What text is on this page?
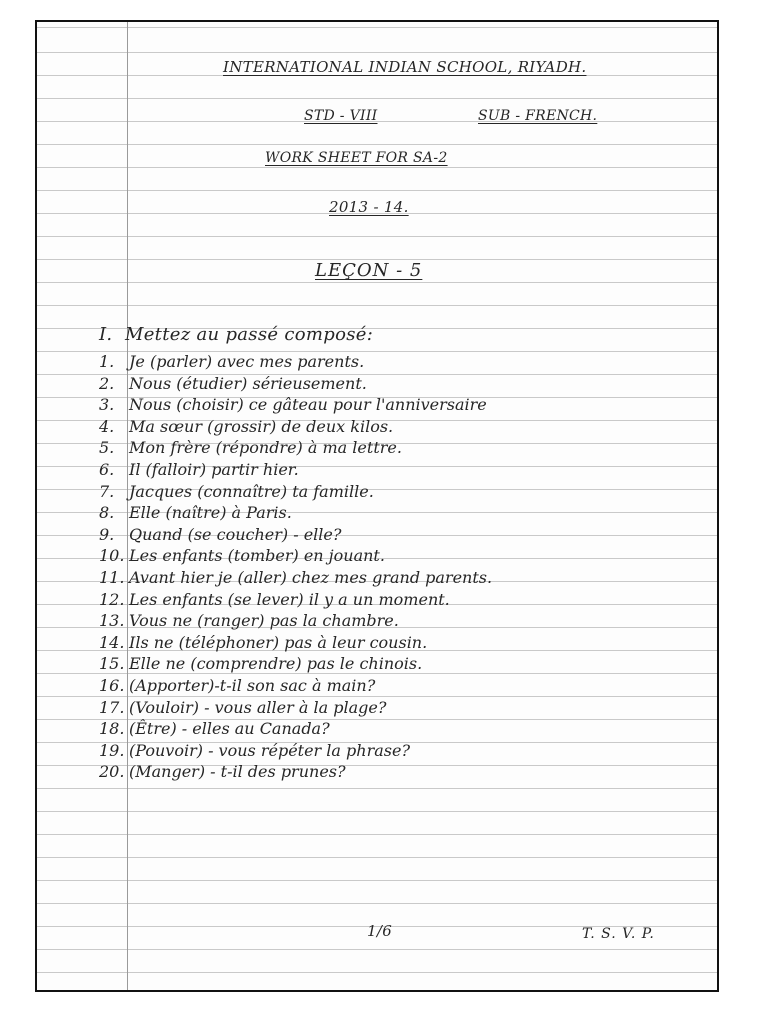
INTERNATIONAL INDIAN SCHOOL, RIYADH.
STD - VIII	SUB - FRENCH.
WORK SHEET FOR SA-2
2013 - 14.
LEÇON - 5
I. Mettez au passé composé:
1. Je (parler) avec mes parents.
2. Nous (étudier) sérieusement.
3. Nous (choisir) ce gâteau pour l'anniversaire
4. Ma sœur (grossir) de deux kilos.
5. Mon frère (répondre) à ma lettre.
6. Il (falloir) partir hier.
7. Jacques (connaître) ta famille.
8. Elle (naître) à Paris.
9. Quand (se coucher) - elle?
10. Les enfants (tomber) en jouant.
11. Avant hier je (aller) chez mes grand parents.
12. Les enfants (se lever) il y a un moment.
13. Vous ne (ranger) pas la chambre.
14. Ils ne (téléphoner) pas à leur cousin.
15. Elle ne (comprendre) pas le chinois.
16. (Apporter)-t-il son sac à main?
17. (Vouloir) - vous aller à la plage?
18. (Être) - elles au Canada?
19. (Pouvoir) - vous répéter la phrase?
20. (Manger) - t-il des prunes?
1/6	T. S. V. P.
